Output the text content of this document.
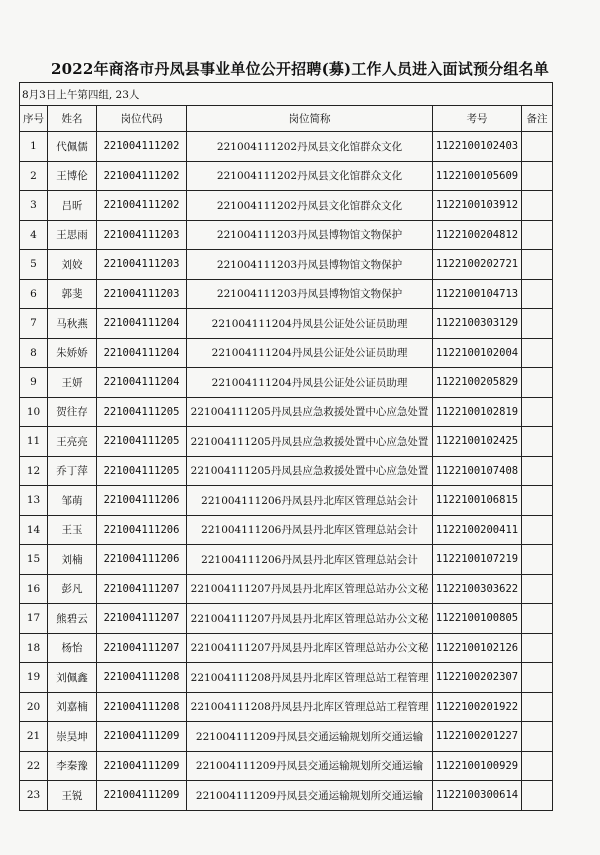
2022年商洛市丹凤县事业单位公开招聘(募)工作人员进入面试预分组名单
8月3日上午第四组, 23人					
序号	姓名	岗位代码	岗位简称	考号	备注
1	代佩儒	221004111202	221004111202丹凤县文化馆群众文化	1122100102403	
2	王博伦	221004111202	221004111202丹凤县文化馆群众文化	1122100105609	
3	吕昕	221004111202	221004111202丹凤县文化馆群众文化	1122100103912	
4	王思雨	221004111203	221004111203丹凤县博物馆文物保护	1122100204812	
5	刘姣	221004111203	221004111203丹凤县博物馆文物保护	1122100202721	
6	郭斐	221004111203	221004111203丹凤县博物馆文物保护	1122100104713	
7	马秋燕	221004111204	221004111204丹凤县公证处公证员助理	1122100303129	
8	朱娇娇	221004111204	221004111204丹凤县公证处公证员助理	1122100102004	
9	王妍	221004111204	221004111204丹凤县公证处公证员助理	1122100205829	
10	贺往存	221004111205	221004111205丹凤县应急救援处置中心应急处置	1122100102819	
11	王亮亮	221004111205	221004111205丹凤县应急救援处置中心应急处置	1122100102425	
12	乔丁萍	221004111205	221004111205丹凤县应急救援处置中心应急处置	1122100107408	
13	邹萌	221004111206	221004111206丹凤县丹北库区管理总站会计	1122100106815	
14	王玉	221004111206	221004111206丹凤县丹北库区管理总站会计	1122100200411	
15	刘楠	221004111206	221004111206丹凤县丹北库区管理总站会计	1122100107219	
16	彭凡	221004111207	221004111207丹凤县丹北库区管理总站办公文秘	1122100303622	
17	熊碧云	221004111207	221004111207丹凤县丹北库区管理总站办公文秘	1122100100805	
18	杨怡	221004111207	221004111207丹凤县丹北库区管理总站办公文秘	1122100102126	
19	刘佩鑫	221004111208	221004111208丹凤县丹北库区管理总站工程管理	1122100202307	
20	刘嘉楠	221004111208	221004111208丹凤县丹北库区管理总站工程管理	1122100201922	
21	崇昊坤	221004111209	221004111209丹凤县交通运输规划所交通运输	1122100201227	
22	李秦豫	221004111209	221004111209丹凤县交通运输规划所交通运输	1122100100929	
23	王锐	221004111209	221004111209丹凤县交通运输规划所交通运输	1122100300614	
